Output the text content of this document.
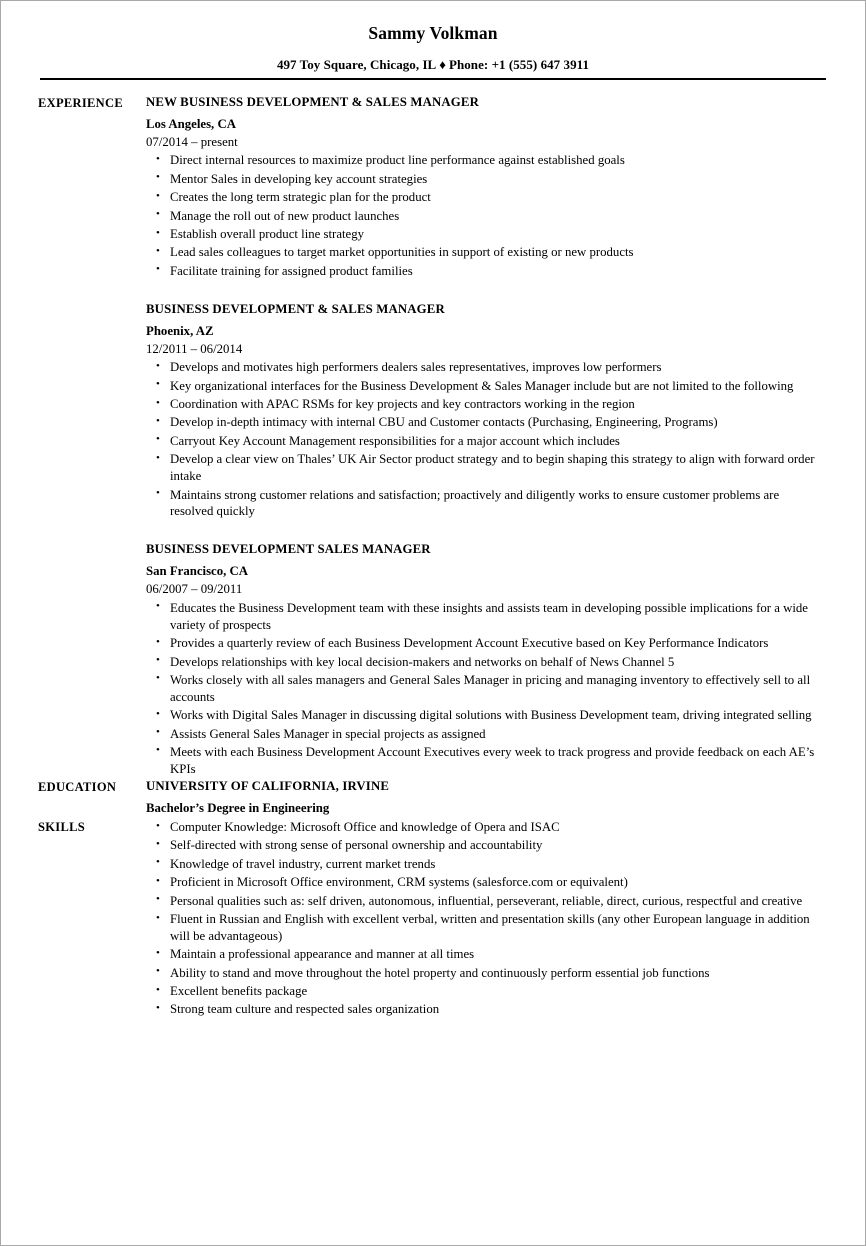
Sammy Volkman
497 Toy Square, Chicago, IL ♦ Phone: +1 (555) 647 3911
EXPERIENCE	NEW BUSINESS DEVELOPMENT & SALES MANAGER
Los Angeles, CA
07/2014 – present
• Direct internal resources to maximize product line performance against established goals
• Mentor Sales in developing key account strategies
• Creates the long term strategic plan for the product
• Manage the roll out of new product launches
• Establish overall product line strategy
• Lead sales colleagues to target market opportunities in support of existing or new products
• Facilitate training for assigned product families
BUSINESS DEVELOPMENT & SALES MANAGER
Phoenix, AZ
12/2011 – 06/2014
• Develops and motivates high performers dealers sales representatives, improves low performers
• Key organizational interfaces for the Business Development & Sales Manager include but are not limited to the following
• Coordination with APAC RSMs for key projects and key contractors working in the region
• Develop in-depth intimacy with internal CBU and Customer contacts (Purchasing, Engineering, Programs)
• Carryout Key Account Management responsibilities for a major account which includes
• Develop a clear view on Thales’ UK Air Sector product strategy and to begin shaping this strategy to align with forward order intake
• Maintains strong customer relations and satisfaction; proactively and diligently works to ensure customer problems are resolved quickly
BUSINESS DEVELOPMENT SALES MANAGER
San Francisco, CA
06/2007 – 09/2011
• Educates the Business Development team with these insights and assists team in developing possible implications for a wide variety of prospects
• Provides a quarterly review of each Business Development Account Executive based on Key Performance Indicators
• Develops relationships with key local decision-makers and networks on behalf of News Channel 5
• Works closely with all sales managers and General Sales Manager in pricing and managing inventory to effectively sell to all accounts
• Works with Digital Sales Manager in discussing digital solutions with Business Development team, driving integrated selling
• Assists General Sales Manager in special projects as assigned
• Meets with each Business Development Account Executives every week to track progress and provide feedback on each AE’s KPIs
EDUCATION	UNIVERSITY OF CALIFORNIA, IRVINE
Bachelor’s Degree in Engineering
SKILLS	• Computer Knowledge: Microsoft Office and knowledge of Opera and ISAC
• Self-directed with strong sense of personal ownership and accountability
• Knowledge of travel industry, current market trends
• Proficient in Microsoft Office environment, CRM systems (salesforce.com or equivalent)
• Personal qualities such as: self driven, autonomous, influential, perseverant, reliable, direct, curious, respectful and creative
• Fluent in Russian and English with excellent verbal, written and presentation skills (any other European language in addition will be advantageous)
• Maintain a professional appearance and manner at all times
• Ability to stand and move throughout the hotel property and continuously perform essential job functions
• Excellent benefits package
• Strong team culture and respected sales organization
